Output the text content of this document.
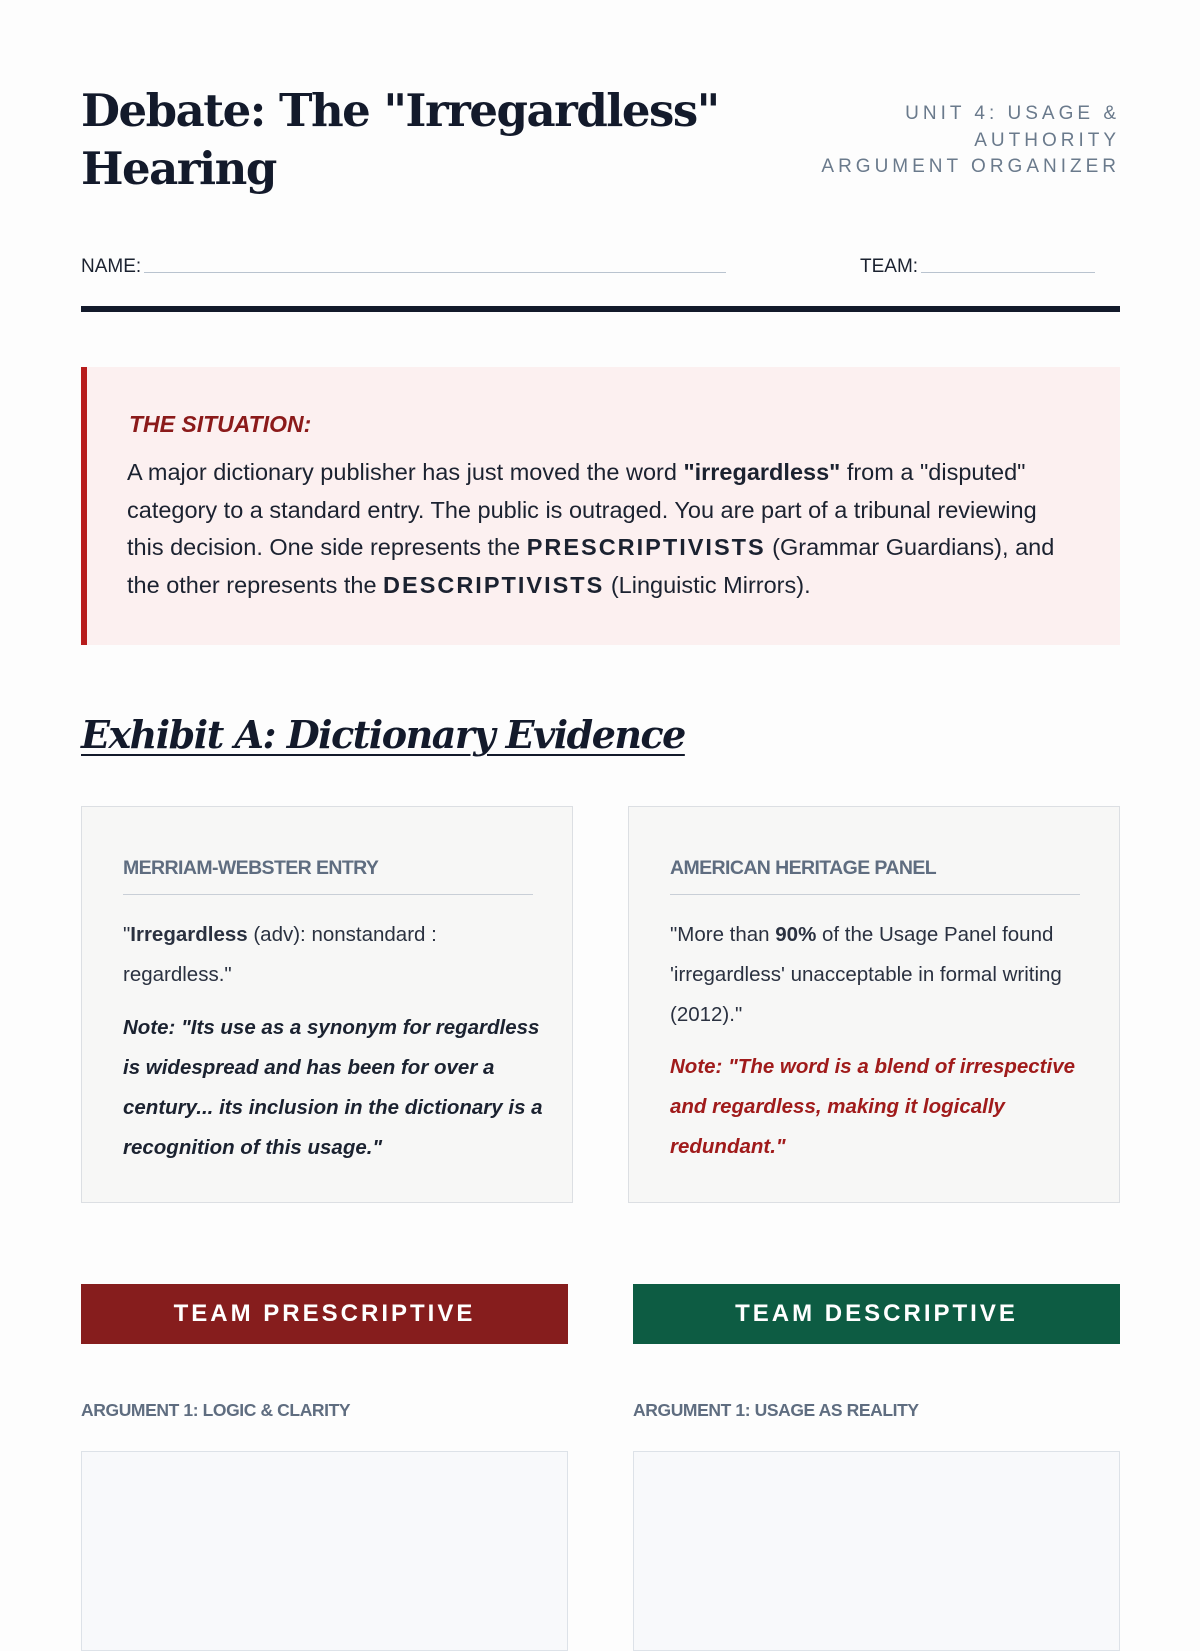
Debate: The "Irregardless"
Hearing
UNIT 4: USAGE &
AUTHORITY
ARGUMENT ORGANIZER
NAME:	TEAM:
THE SITUATION:

A major dictionary publisher has just moved the word "irregardless" from a "disputed" category to a standard entry. The public is outraged. You are part of a tribunal reviewing this decision. One side represents the PRESCRIPTIVISTS (Grammar Guardians), and the other represents the DESCRIPTIVISTS (Linguistic Mirrors).

Exhibit A: Dictionary Evidence
MERRIAM-WEBSTER ENTRY

"Irregardless (adv): nonstandard : regardless."

Note: "Its use as a synonym for regardless is widespread and has been for over a century... its inclusion in the dictionary is a recognition of this usage."

AMERICAN HERITAGE PANEL

"More than 90% of the Usage Panel found 'irregardless' unacceptable in formal writing (2012)."

Note: "The word is a blend of irrespective and regardless, making it logically redundant."

TEAM PRESCRIPTIVE	TEAM DESCRIPTIVE
ARGUMENT 1: LOGIC & CLARITY	ARGUMENT 1: USAGE AS REALITY
